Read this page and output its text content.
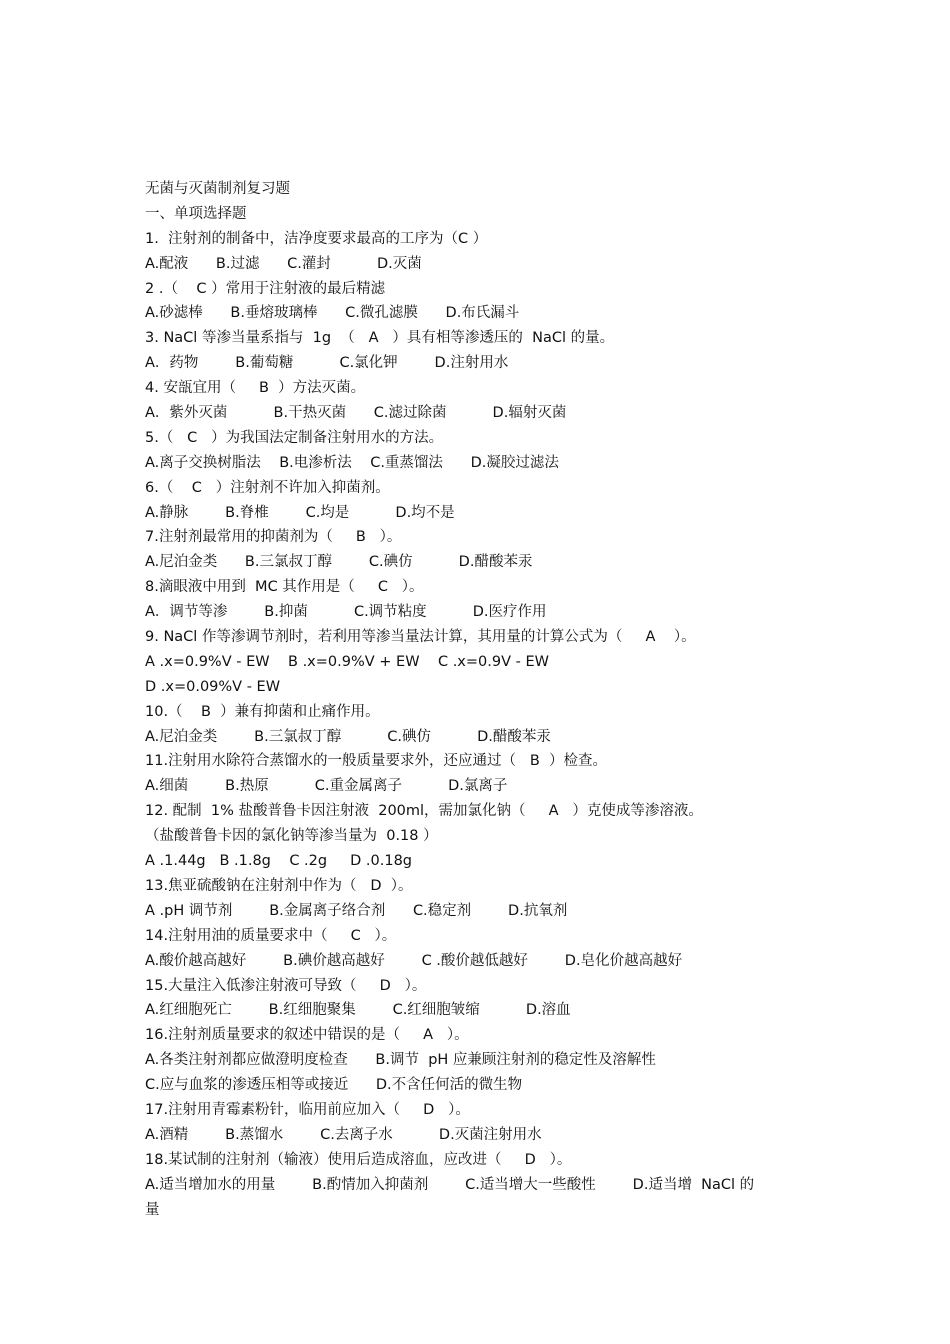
无菌与灭菌制剂复习题
一、单项选择题
1.  注射剂的制备中，洁净度要求最高的工序为（C ）
A.配液      B.过滤      C.灌封          D.灭菌
2 .（    C ）常用于注射液的最后精滤
A.砂滤棒      B.垂熔玻璃棒      C.微孔滤膜      D.布氏漏斗
3. NaCl 等渗当量系指与  1g  （   A   ）具有相等渗透压的  NaCl 的量。
A．药物        B.葡萄糖          C.氯化钾        D.注射用水
4. 安瓿宜用（     B  ）方法灭菌。
A．紫外灭菌          B.干热灭菌      C.滤过除菌          D.辐射灭菌
5.（   C   ）为我国法定制备注射用水的方法。
A.离子交换树脂法    B.电渗析法    C.重蒸馏法      D.凝胶过滤法
6.（    C   ）注射剂不许加入抑菌剂。
A.静脉        B.脊椎        C.均是          D.均不是
7.注射剂最常用的抑菌剂为（     B   ）。
A.尼泊金类      B.三氯叔丁醇        C.碘仿          D.醋酸苯汞
8.滴眼液中用到  MC 其作用是（     C   ）。
A．调节等渗        B.抑菌          C.调节粘度          D.医疗作用
9. NaCl 作等渗调节剂时，若利用等渗当量法计算，其用量的计算公式为（     A    ）。
A .x=0.9%V - EW    B .x=0.9%V + EW    C .x=0.9V - EW
D .x=0.09%V - EW
10.（    B  ）兼有抑菌和止痛作用。
A.尼泊金类        B.三氯叔丁醇          C.碘仿          D.醋酸苯汞
11.注射用水除符合蒸馏水的一般质量要求外，还应通过（   B  ）检查。
A.细菌        B.热原          C.重金属离子          D.氯离子
12. 配制  1% 盐酸普鲁卡因注射液  200ml，需加氯化钠（     A   ）克使成等渗溶液。
（盐酸普鲁卡因的氯化钠等渗当量为  0.18 ）
A .1.44g   B .1.8g    C .2g     D .0.18g
13.焦亚硫酸钠在注射剂中作为（   D  ）。
A .pH 调节剂        B.金属离子络合剂      C.稳定剂        D.抗氧剂
14.注射用油的质量要求中（     C   ）。
A.酸价越高越好        B.碘价越高越好        C .酸价越低越好        D.皂化价越高越好
15.大量注入低渗注射液可导致（     D   ）。
A.红细胞死亡        B.红细胞聚集        C.红细胞皱缩          D.溶血
16.注射剂质量要求的叙述中错误的是（     A   ）。
A.各类注射剂都应做澄明度检查      B.调节  pH 应兼顾注射剂的稳定性及溶解性
C.应与血浆的渗透压相等或接近      D.不含任何活的微生物
17.注射用青霉素粉针，临用前应加入（     D   ）。
A.酒精        B.蒸馏水        C.去离子水          D.灭菌注射用水
18.某试制的注射剂（输液）使用后造成溶血，应改进（     D   ）。
A.适当增加水的用量        B.酌情加入抑菌剂        C.适当增大一些酸性        D.适当增  NaCl 的
量
